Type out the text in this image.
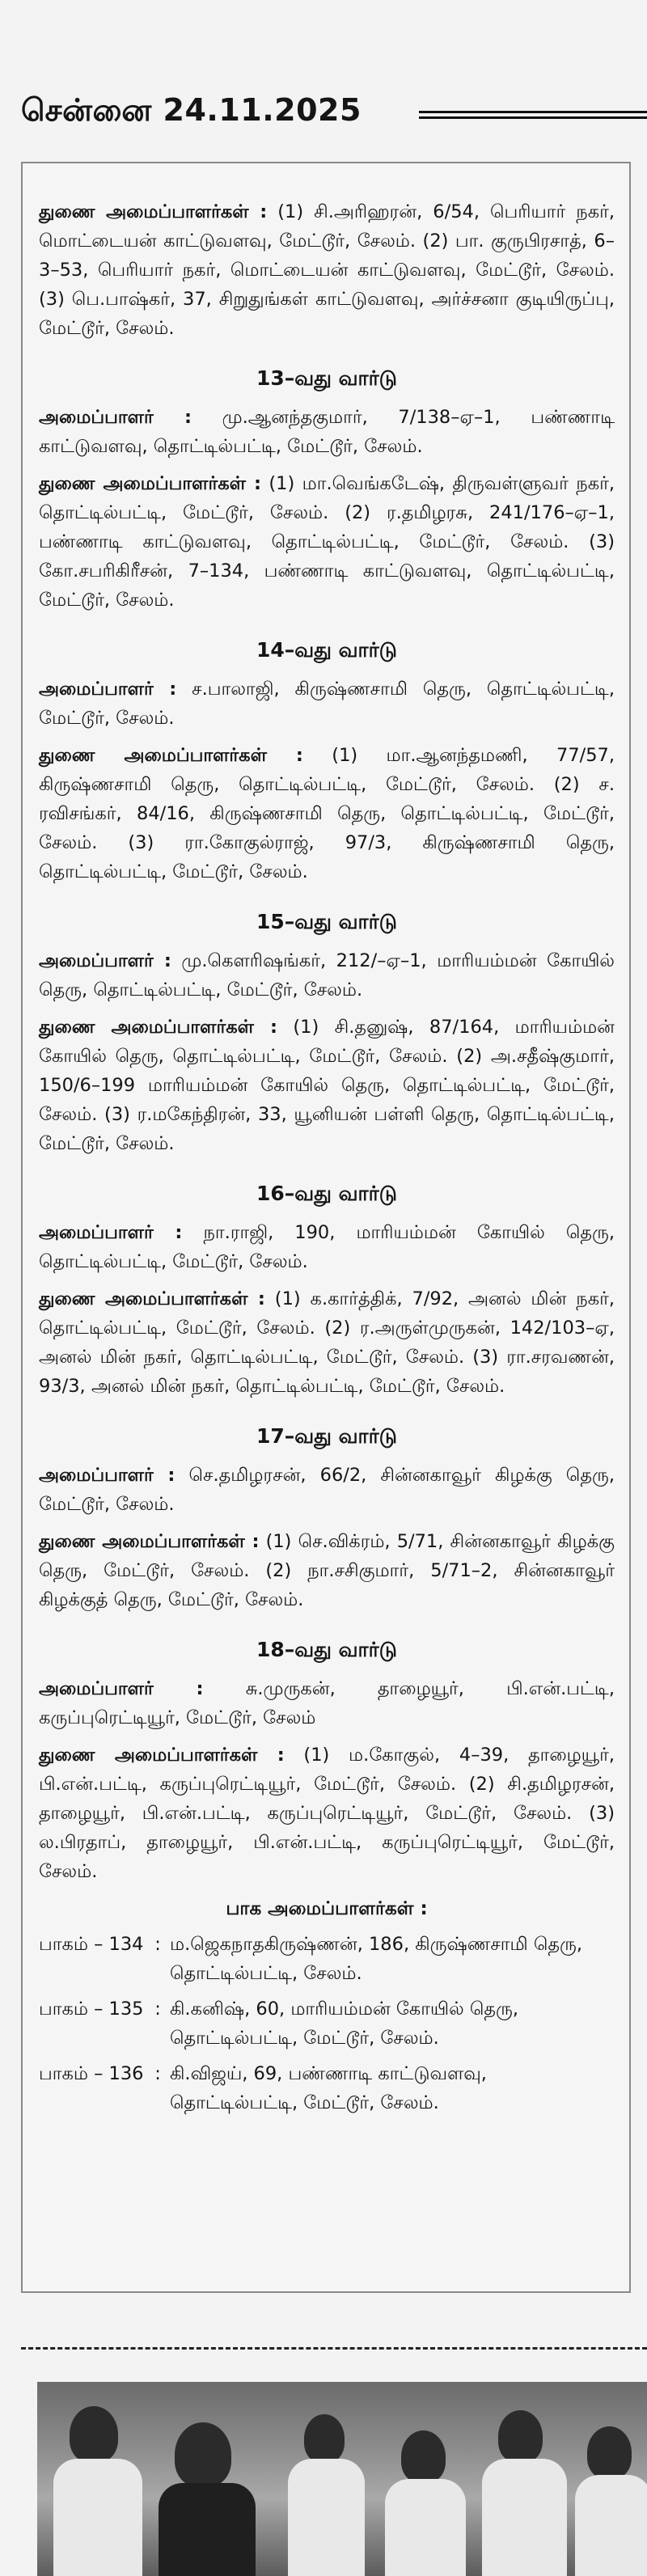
சென்னை 24.11.2025

துணை அமைப்பாளர்கள் : (1) சி.அரிஹரன், 6/54, பெரியார் நகர், மொட்டையன் காட்டுவளவு, மேட்டூர், சேலம். (2) பா. குருபிரசாத், 6–3–53, பெரியார் நகர், மொட்டையன் காட்டுவளவு, மேட்டூர், சேலம். (3) பெ.பாஷ்கர், 37, சிறுதுங்கள் காட்டுவளவு, அர்ச்சனா குடியிருப்பு, மேட்டூர், சேலம்.

13–வது வார்டு

அமைப்பாளர் : மு.ஆனந்தகுமார், 7/138–ஏ–1, பண்ணாடி காட்டுவளவு, தொட்டில்பட்டி, மேட்டூர், சேலம்.

துணை அமைப்பாளர்கள் : (1) மா.வெங்கடேஷ், திருவள்ளுவர் நகர், தொட்டில்பட்டி, மேட்டூர், சேலம். (2) ர.தமிழரசு, 241/176–ஏ–1, பண்ணாடி காட்டுவளவு, தொட்டில்பட்டி, மேட்டூர், சேலம். (3) கோ.சபரிகிரீசன், 7–134, பண்ணாடி காட்டுவளவு, தொட்டில்பட்டி, மேட்டூர், சேலம்.

14–வது வார்டு

அமைப்பாளர் : ச.பாலாஜி, கிருஷ்ணசாமி தெரு, தொட்டில்பட்டி, மேட்டூர், சேலம்.

துணை அமைப்பாளர்கள் : (1) மா.ஆனந்தமணி, 77/57, கிருஷ்ணசாமி தெரு, தொட்டில்பட்டி, மேட்டூர், சேலம். (2) ச. ரவிசங்கர், 84/16, கிருஷ்ணசாமி தெரு, தொட்டில்பட்டி, மேட்டூர், சேலம். (3) ரா.கோகுல்ராஜ், 97/3, கிருஷ்ணசாமி தெரு, தொட்டில்பட்டி, மேட்டூர், சேலம்.

15–வது வார்டு

அமைப்பாளர் : மு.கௌரிஷங்கர், 212/–ஏ–1, மாரியம்மன் கோயில் தெரு, தொட்டில்பட்டி, மேட்டூர், சேலம்.

துணை அமைப்பாளர்கள் : (1) சி.தனுஷ், 87/164, மாரியம்மன் கோயில் தெரு, தொட்டில்பட்டி, மேட்டூர், சேலம். (2) அ.சதீஷ்குமார், 150/6–199 மாரியம்மன் கோயில் தெரு, தொட்டில்பட்டி, மேட்டூர், சேலம். (3) ர.மகேந்திரன், 33, யூனியன் பள்ளி தெரு, தொட்டில்பட்டி, மேட்டூர், சேலம்.

16–வது வார்டு

அமைப்பாளர் : நா.ராஜி, 190, மாரியம்மன் கோயில் தெரு, தொட்டில்பட்டி, மேட்டூர், சேலம்.

துணை அமைப்பாளர்கள் : (1) க.கார்த்திக், 7/92, அனல் மின் நகர், தொட்டில்பட்டி, மேட்டூர், சேலம். (2) ர.அருள்முருகன், 142/103–ஏ, அனல் மின் நகர், தொட்டில்பட்டி, மேட்டூர், சேலம். (3) ரா.சரவணன், 93/3, அனல் மின் நகர், தொட்டில்பட்டி, மேட்டூர், சேலம்.

17–வது வார்டு

அமைப்பாளர் : செ.தமிழரசன், 66/2, சின்னகாவூர் கிழக்கு தெரு, மேட்டூர், சேலம்.

துணை அமைப்பாளர்கள் : (1) செ.விக்ரம், 5/71, சின்னகாவூர் கிழக்கு தெரு, மேட்டூர், சேலம். (2) நா.சசிகுமார், 5/71–2, சின்னகாவூர் கிழக்குத் தெரு, மேட்டூர், சேலம்.

18–வது வார்டு

அமைப்பாளர் : சு.முருகன், தாழையூர், பி.என்.பட்டி, கருப்புரெட்டியூர், மேட்டூர், சேலம்

துணை அமைப்பாளர்கள் : (1) ம.கோகுல், 4–39, தாழையூர், பி.என்.பட்டி, கருப்புரெட்டியூர், மேட்டூர், சேலம். (2) சி.தமிழரசன், தாழையூர், பி.என்.பட்டி, கருப்புரெட்டியூர், மேட்டூர், சேலம். (3) ல.பிரதாப், தாழையூர், பி.என்.பட்டி, கருப்புரெட்டியூர், மேட்டூர், சேலம்.

பாக அமைப்பாளர்கள் :
பாகம் – 134 : ம.ஜெகநாதகிருஷ்ணன், 186, கிருஷ்ணசாமி தெரு, தொட்டில்பட்டி, சேலம்.
பாகம் – 135 : கி.கனிஷ், 60, மாரியம்மன் கோயில் தெரு, தொட்டில்பட்டி, மேட்டூர், சேலம்.
பாகம் – 136 : கி.விஜய், 69, பண்ணாடி காட்டுவளவு, தொட்டில்பட்டி, மேட்டூர், சேலம்.
